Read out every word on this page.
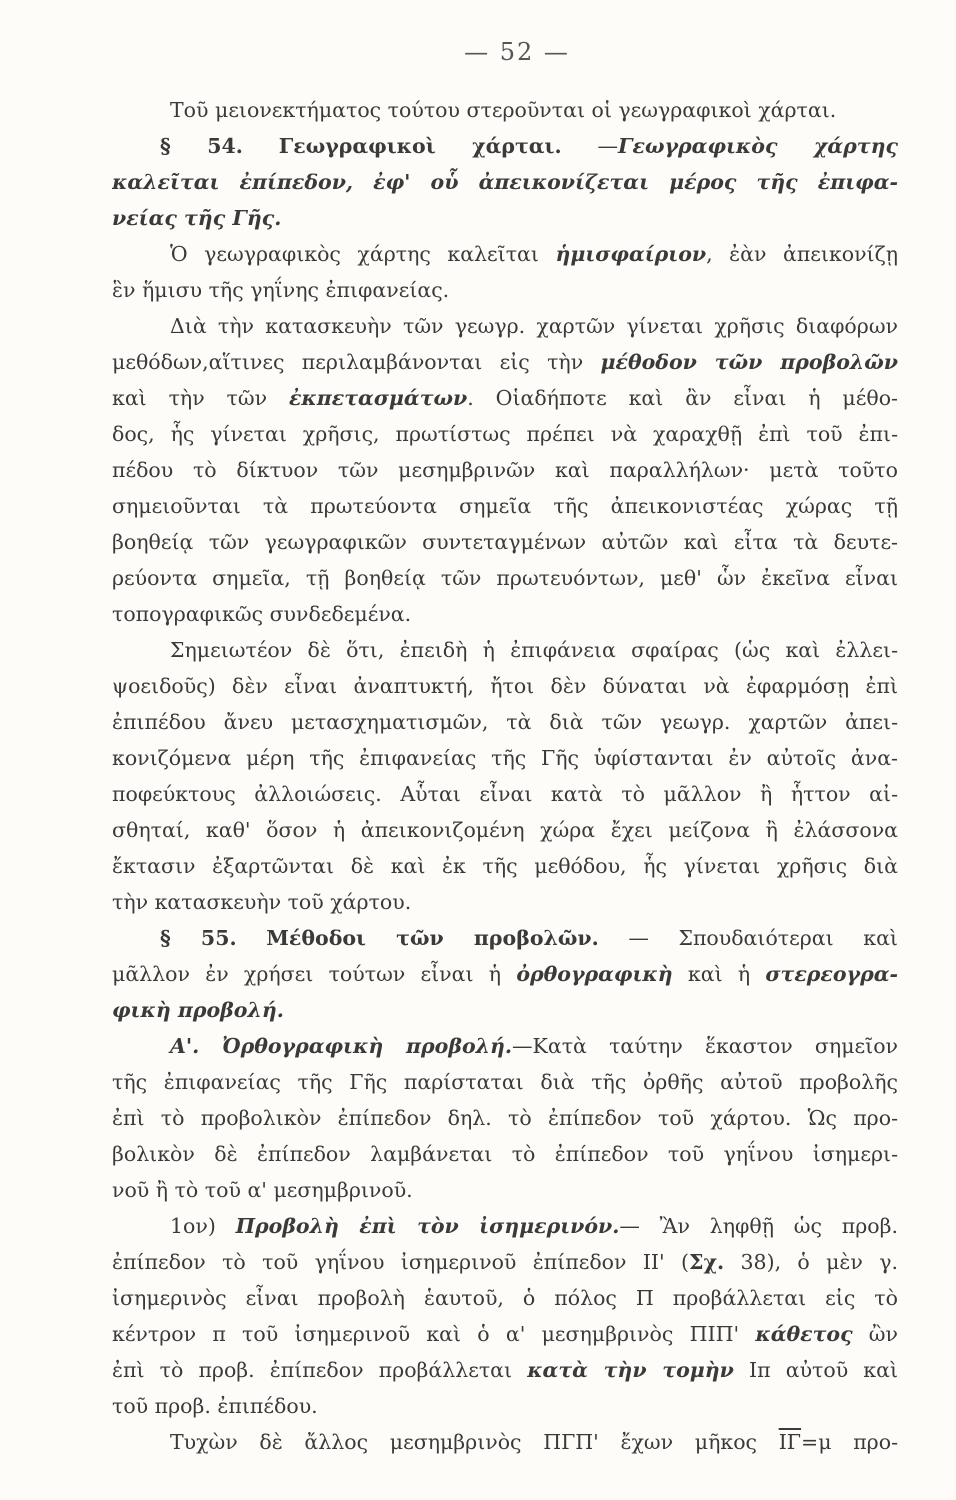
— 52 —
Τοῦ μειονεκτήματος τούτου στεροῦνται οἱ γεωγραφικοὶ χάρται.
§ 54. Γεωγραφικοὶ χάρται. —Γεωγραφικὸς χάρτης
καλεῖται ἐπίπεδον, ἐφ' οὗ ἀπεικονίζεται μέρος τῆς ἐπιφα-
νείας τῆς Γῆς.
Ὁ γεωγραφικὸς χάρτης καλεῖται ἡμισφαίριον, ἐὰν ἀπεικονίζῃ
ἓν ἥμισυ τῆς γηΐνης ἐπιφανείας.
Διὰ τὴν κατασκευὴν τῶν γεωγρ. χαρτῶν γίνεται χρῆσις διαφόρων
μεθόδων,αἵτινες περιλαμβάνονται εἰς τὴν μέθοδον τῶν προβολῶν
καὶ τὴν τῶν ἐκπετασμάτων. Οἱαδήποτε καὶ ἂν εἶναι ἡ μέθο-
δος, ἧς γίνεται χρῆσις, πρωτίστως πρέπει νὰ χαραχθῇ ἐπὶ τοῦ ἐπι-
πέδου τὸ δίκτυον τῶν μεσημβρινῶν καὶ παραλλήλων· μετὰ τοῦτο
σημειοῦνται τὰ πρωτεύοντα σημεῖα τῆς ἀπεικονιστέας χώρας τῇ
βοηθείᾳ τῶν γεωγραφικῶν συντεταγμένων αὐτῶν καὶ εἶτα τὰ δευτε-
ρεύοντα σημεῖα, τῇ βοηθείᾳ τῶν πρωτευόντων, μεθ' ὧν ἐκεῖνα εἶναι
τοπογραφικῶς συνδεδεμένα.
Σημειωτέον δὲ ὅτι, ἐπειδὴ ἡ ἐπιφάνεια σφαίρας (ὡς καὶ ἐλλει-
ψοειδοῦς) δὲν εἶναι ἀναπτυκτή, ἤτοι δὲν δύναται νὰ ἐφαρμόσῃ ἐπὶ
ἐπιπέδου ἄνευ μετασχηματισμῶν, τὰ διὰ τῶν γεωγρ. χαρτῶν ἀπει-
κονιζόμενα μέρη τῆς ἐπιφανείας τῆς Γῆς ὑφίστανται ἐν αὐτοῖς ἀνα-
ποφεύκτους ἀλλοιώσεις. Αὗται εἶναι κατὰ τὸ μᾶλλον ἢ ἧττον αἰ-
σθηταί, καθ' ὅσον ἡ ἀπεικονιζομένη χώρα ἔχει μείζονα ἢ ἐλάσσονα
ἔκτασιν ἐξαρτῶνται δὲ καὶ ἐκ τῆς μεθόδου, ἧς γίνεται χρῆσις διὰ
τὴν κατασκευὴν τοῦ χάρτου.
§ 55. Μέθοδοι τῶν προβολῶν. — Σπουδαιότεραι καὶ
μᾶλλον ἐν χρήσει τούτων εἶναι ἡ ὀρθογραφικὴ καὶ ἡ στερεογρα-
φικὴ προβολή.
Α'. Ὀρθογραφικὴ προβολή.—Κατὰ ταύτην ἕκαστον σημεῖον
τῆς ἐπιφανείας τῆς Γῆς παρίσταται διὰ τῆς ὀρθῆς αὐτοῦ προβολῆς
ἐπὶ τὸ προβολικὸν ἐπίπεδον δηλ. τὸ ἐπίπεδον τοῦ χάρτου. Ὡς προ-
βολικὸν δὲ ἐπίπεδον λαμβάνεται τὸ ἐπίπεδον τοῦ γηΐνου ἰσημερι-
νοῦ ἢ τὸ τοῦ α' μεσημβρινοῦ.
1ον) Προβολὴ ἐπὶ τὸν ἰσημερινόν.— Ἂν ληφθῇ ὡς προβ.
ἐπίπεδον τὸ τοῦ γηΐνου ἰσημερινοῦ ἐπίπεδον ΙΙ' (Σχ. 38), ὁ μὲν γ.
ἰσημερινὸς εἶναι προβολὴ ἑαυτοῦ, ὁ πόλος Π προβάλλεται εἰς τὸ
κέντρον π τοῦ ἰσημερινοῦ καὶ ὁ α' μεσημβρινὸς ΠΙΠ' κάθετος ὢν
ἐπὶ τὸ προβ. ἐπίπεδον προβάλλεται κατὰ τὴν τομὴν Ιπ αὐτοῦ καὶ
τοῦ προβ. ἐπιπέδου.
Τυχὼν δὲ ἄλλος μεσημβρινὸς ΠΓΠ' ἔχων μῆκος $\overline{I\Gamma}=\mu$ προ-
